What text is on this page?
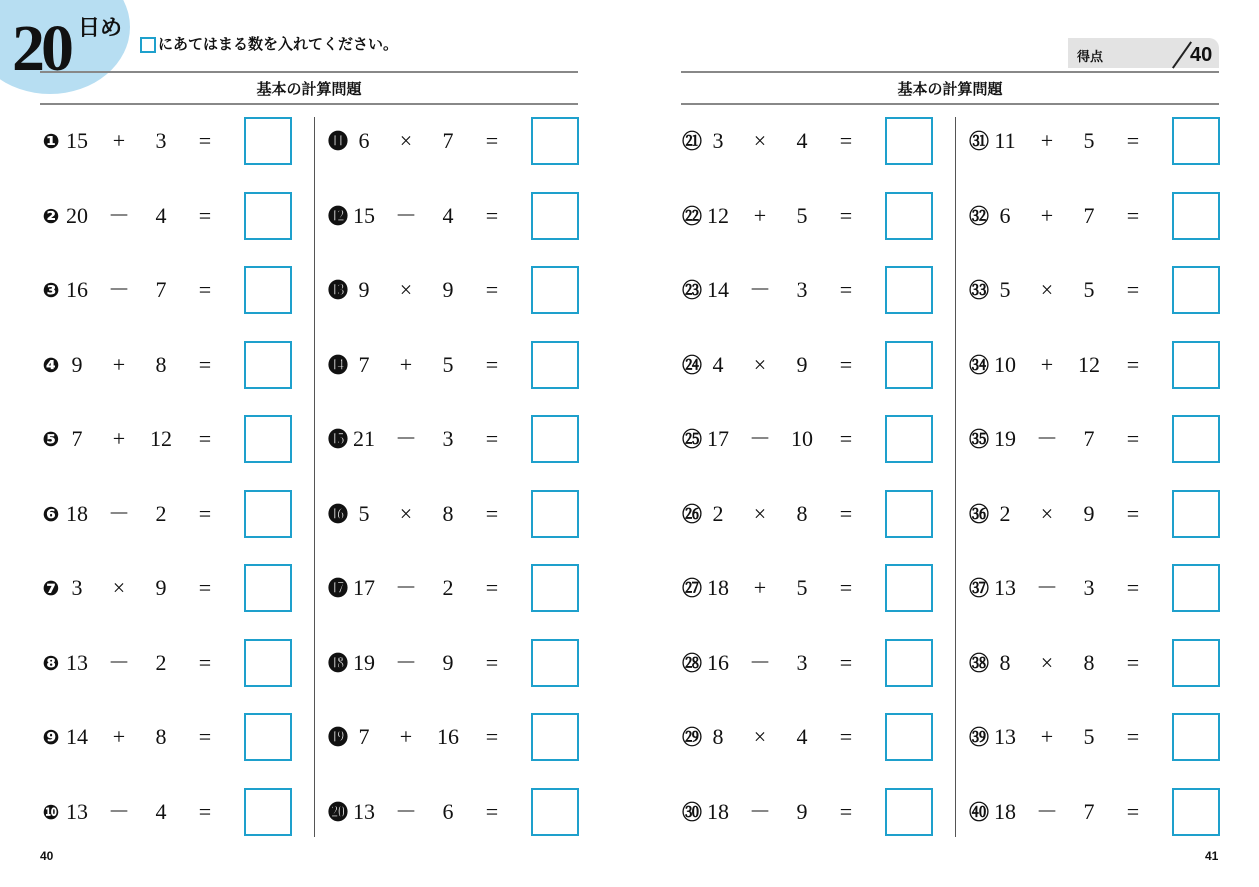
20 日め
にあてはまる数を入れてください。
得点	40
基本の計算問題	基本の計算問題
❶ 15	+	3	=
❷ 20 －	4	=
❸ 16 －	7	=
❹ 9	+	8	=
❺ 7	+	12	=
❻ 18 －	2	=
❼ 3	×	9	=
❽ 13 －	2	=
❾ 14	+	8	=
❿ 13 －	4	=
⓫ 6	×	7	=
⓬ 15 －	4	=
⓭ 9	×	9	=
⓮ 7	+	5	=
⓯ 21 －	3	=
⓰ 5	×	8	=
⓱ 17 －	2	=
⓲ 19 －	9	=
⓳ 7	+	16	=
⓴ 13 －	6	=
㉑ 3	×	4	=
㉒ 12	+	5	=
㉓ 14 －	3	=
㉔ 4	×	9	=
㉕ 17 － 10	=
㉖ 2	×	8	=
㉗ 18	+	5	=
㉘ 16 －	3	=
㉙ 8	×	4	=
㉚ 18 －	9	=
㉛ 11	+	5	=
㉜ 6	+	7	=
㉝ 5	×	5	=
㉞ 10	+	12	=
㉟ 19 －	7	=
㊱ 2	×	9	=
㊲ 13 －	3	=
㊳ 8	×	8	=
㊴ 13	+	5	=
㊵ 18 －	7	=
40	41
